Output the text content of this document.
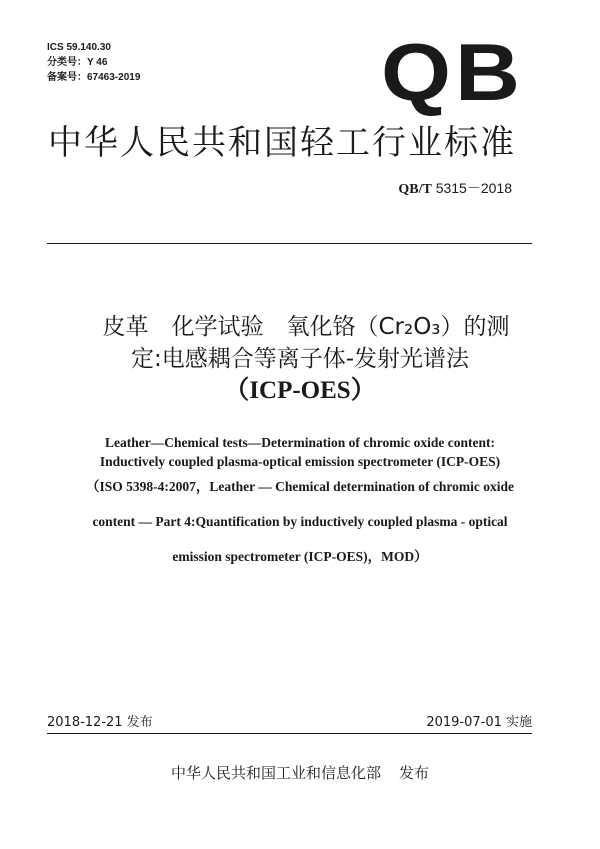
ICS 59.140.30
分类号：Y 46
备案号：67463-2019	QB
中华人民共和国轻工行业标准
QB/T 5315－2018
皮革　化学试验　氧化铬（Cr₂O₃）的测
定:电感耦合等离子体-发射光谱法
（ICP-OES）
Leather—Chemical tests—Determination of chromic oxide content:
Inductively coupled plasma-optical emission spectrometer (ICP-OES)
（ISO 5398-4:2007，Leather — Chemical determination of chromic oxide
content — Part 4:Quantification by inductively coupled plasma - optical
emission spectrometer (ICP-OES)，MOD）
2018-12-21 发布	2019-07-01 实施
中华人民共和国工业和信息化部 发布
